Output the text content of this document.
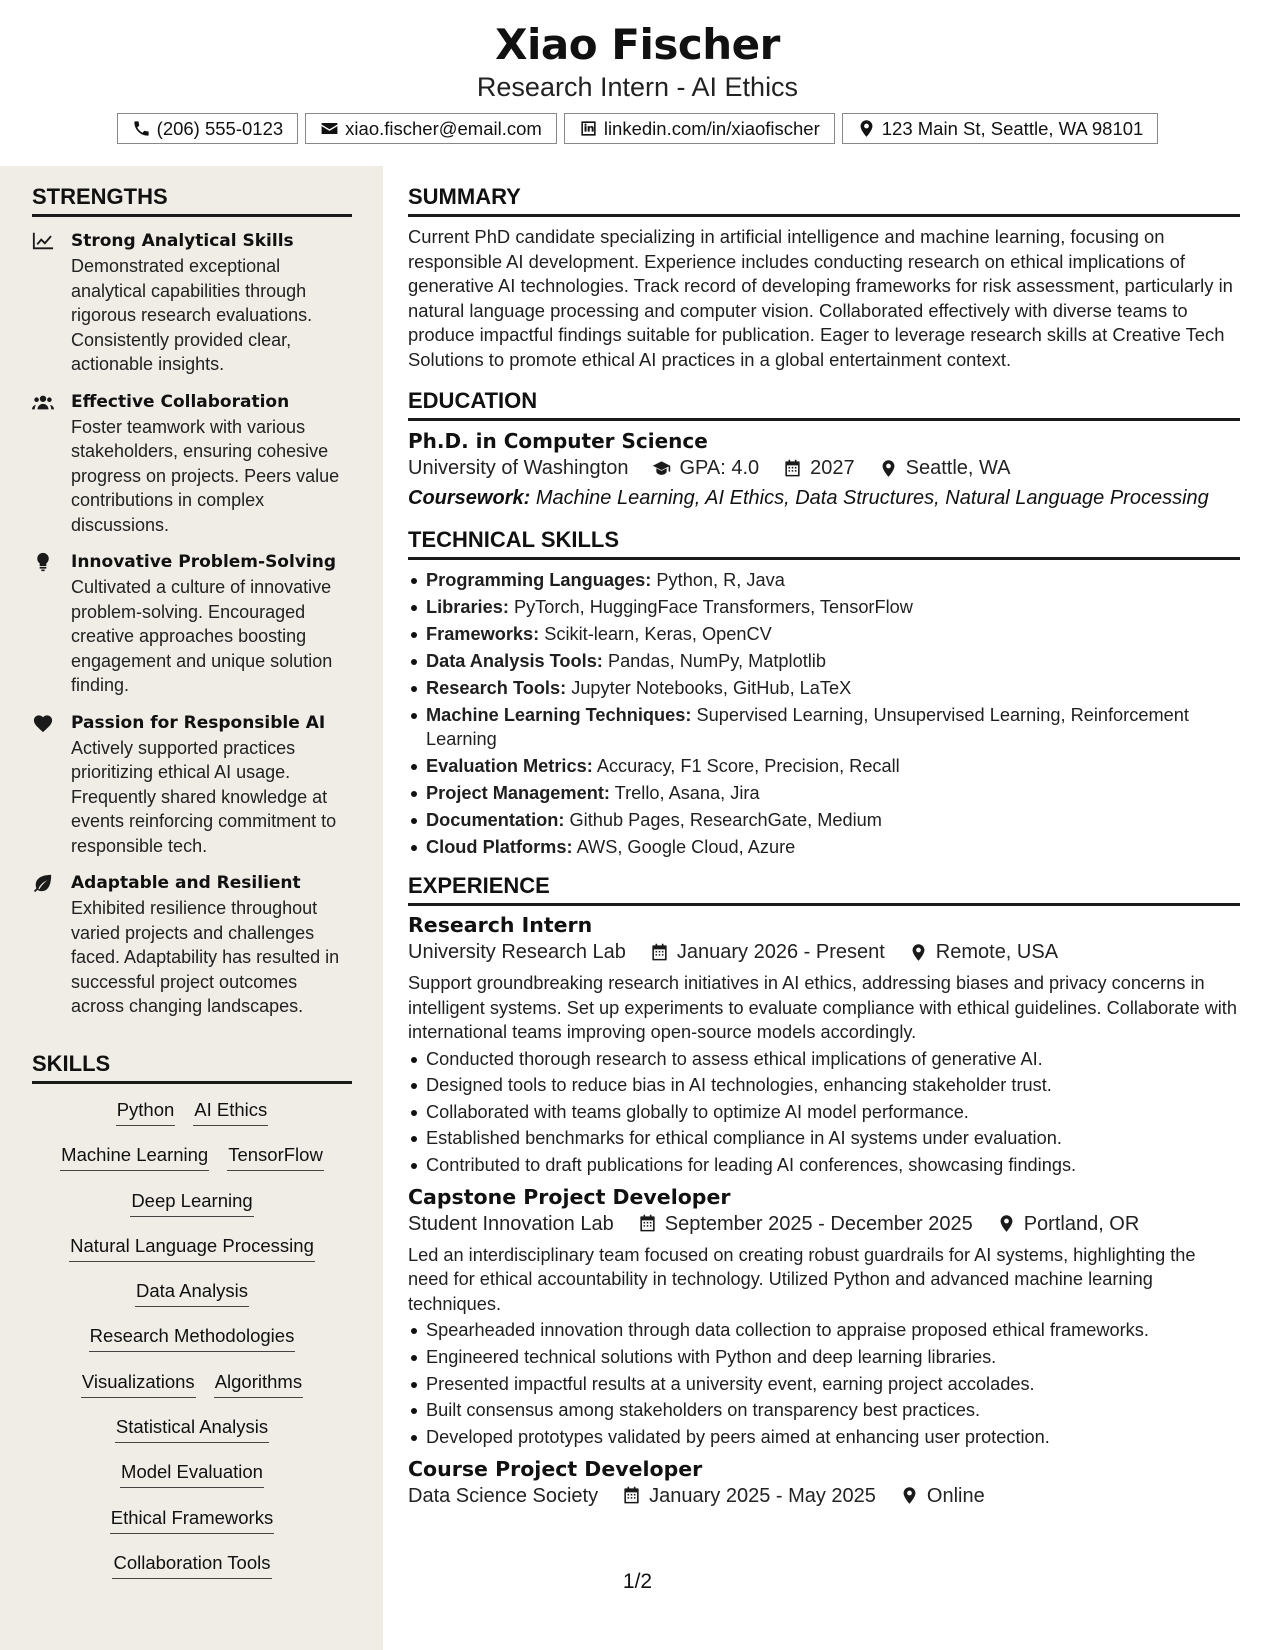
Xiao Fischer
Research Intern - AI Ethics
(206) 555-0123	xiao.fischer@email.com	linkedin.com/in/xiaofischer	123 Main St, Seattle, WA 98101
STRENGTHS
Strong Analytical Skills
Demonstrated exceptional analytical capabilities through rigorous research evaluations. Consistently provided clear, actionable insights.
Effective Collaboration
Foster teamwork with various stakeholders, ensuring cohesive progress on projects. Peers value contributions in complex discussions.
Innovative Problem-Solving
Cultivated a culture of innovative problem-solving. Encouraged creative approaches boosting engagement and unique solution finding.
Passion for Responsible AI
Actively supported practices prioritizing ethical AI usage. Frequently shared knowledge at events reinforcing commitment to responsible tech.
Adaptable and Resilient
Exhibited resilience throughout varied projects and challenges faced. Adaptability has resulted in successful project outcomes across changing landscapes.
SKILLS
Python AI Ethics
Machine Learning TensorFlow
Deep Learning
Natural Language Processing
Data Analysis
Research Methodologies
Visualizations Algorithms
Statistical Analysis
Model Evaluation
Ethical Frameworks
Collaboration Tools
SUMMARY
Current PhD candidate specializing in artificial intelligence and machine learning, focusing on responsible AI development. Experience includes conducting research on ethical implications of generative AI technologies. Track record of developing frameworks for risk assessment, particularly in natural language processing and computer vision. Collaborated effectively with diverse teams to produce impactful findings suitable for publication. Eager to leverage research skills at Creative Tech Solutions to promote ethical AI practices in a global entertainment context.
EDUCATION
Ph.D. in Computer Science
University of Washington	GPA: 4.0	2027	Seattle, WA
Coursework: Machine Learning, AI Ethics, Data Structures, Natural Language Processing
TECHNICAL SKILLS
Programming Languages: Python, R, Java
Libraries: PyTorch, HuggingFace Transformers, TensorFlow
Frameworks: Scikit-learn, Keras, OpenCV
Data Analysis Tools: Pandas, NumPy, Matplotlib
Research Tools: Jupyter Notebooks, GitHub, LaTeX
Machine Learning Techniques: Supervised Learning, Unsupervised Learning, Reinforcement Learning
Evaluation Metrics: Accuracy, F1 Score, Precision, Recall
Project Management: Trello, Asana, Jira
Documentation: Github Pages, ResearchGate, Medium
Cloud Platforms: AWS, Google Cloud, Azure
EXPERIENCE
Research Intern
University Research Lab	January 2026 - Present	Remote, USA
Support groundbreaking research initiatives in AI ethics, addressing biases and privacy concerns in intelligent systems. Set up experiments to evaluate compliance with ethical guidelines. Collaborate with international teams improving open-source models accordingly.
Conducted thorough research to assess ethical implications of generative AI.
Designed tools to reduce bias in AI technologies, enhancing stakeholder trust.
Collaborated with teams globally to optimize AI model performance.
Established benchmarks for ethical compliance in AI systems under evaluation.
Contributed to draft publications for leading AI conferences, showcasing findings.
Capstone Project Developer
Student Innovation Lab	September 2025 - December 2025	Portland, OR
Led an interdisciplinary team focused on creating robust guardrails for AI systems, highlighting the need for ethical accountability in technology. Utilized Python and advanced machine learning techniques.
Spearheaded innovation through data collection to appraise proposed ethical frameworks.
Engineered technical solutions with Python and deep learning libraries.
Presented impactful results at a university event, earning project accolades.
Built consensus among stakeholders on transparency best practices.
Developed prototypes validated by peers aimed at enhancing user protection.
Course Project Developer
Data Science Society	January 2025 - May 2025	Online
1/2
